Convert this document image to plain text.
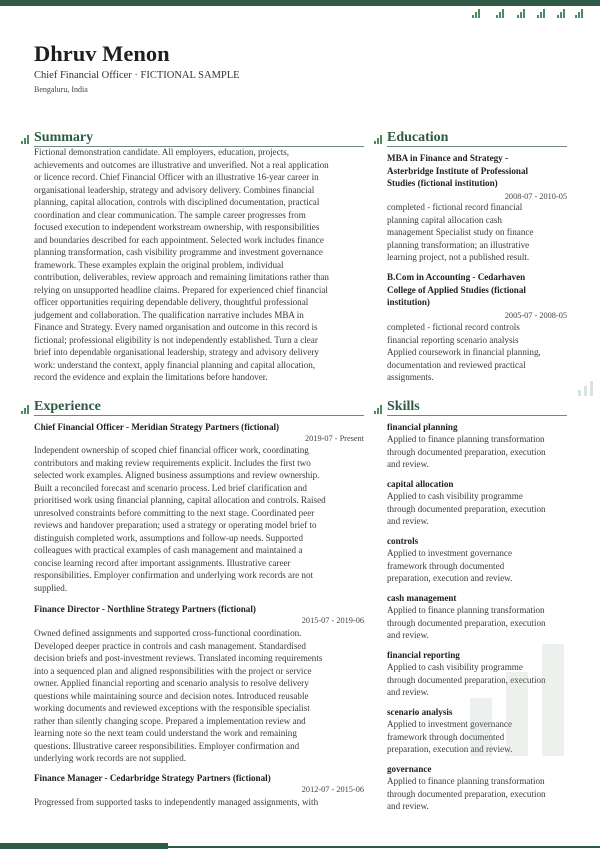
Dhruv Menon
Chief Financial Officer · FICTIONAL SAMPLE
Bengaluru, India
Summary
Fictional demonstration candidate. All employers, education, projects,
achievements and outcomes are illustrative and unverified. Not a real application
or licence record. Chief Financial Officer with an illustrative 16-year career in
organisational leadership, strategy and advisory delivery. Combines financial
planning, capital allocation, controls with disciplined documentation, practical
coordination and clear communication. The sample career progresses from
focused execution to independent workstream ownership, with responsibilities
and boundaries described for each appointment. Selected work includes finance
planning transformation, cash visibility programme and investment governance
framework. These examples explain the original problem, individual
contribution, deliverables, review approach and remaining limitations rather than
relying on unsupported headline claims. Prepared for experienced chief financial
officer opportunities requiring dependable delivery, thoughtful professional
judgement and collaboration. The qualification narrative includes MBA in
Finance and Strategy. Every named organisation and outcome in this record is
fictional; professional eligibility is not independently established. Turn a clear
brief into dependable organisational leadership, strategy and advisory delivery
work: understand the context, apply financial planning and capital allocation,
record the evidence and explain the limitations before handover.
Experience
Chief Financial Officer - Meridian Strategy Partners (fictional)
2019-07 - Present
Independent ownership of scoped chief financial officer work, coordinating
contributors and making review requirements explicit. Includes the first two
selected work examples. Aligned business assumptions and review ownership.
Built a reconciled forecast and scenario process. Led brief clarification and
prioritised work using financial planning, capital allocation and controls. Raised
unresolved constraints before committing to the next stage. Coordinated peer
reviews and handover preparation; used a strategy or operating model brief to
distinguish completed work, assumptions and follow-up needs. Supported
colleagues with practical examples of cash management and maintained a
concise learning record after important assignments. Illustrative career
responsibilities. Employer confirmation and underlying work records are not
supplied.
Finance Director - Northline Strategy Partners (fictional)
2015-07 - 2019-06
Owned defined assignments and supported cross-functional coordination.
Developed deeper practice in controls and cash management. Standardised
decision briefs and post-investment reviews. Translated incoming requirements
into a sequenced plan and aligned responsibilities with the project or service
owner. Applied financial reporting and scenario analysis to resolve delivery
questions while maintaining source and decision notes. Introduced reusable
working documents and reviewed exceptions with the responsible specialist
rather than silently changing scope. Prepared a implementation review and
learning note so the next team could understand the work and remaining
questions. Illustrative career responsibilities. Employer confirmation and
underlying work records are not supplied.
Finance Manager - Cedarbridge Strategy Partners (fictional)
2012-07 - 2015-06
Progressed from supported tasks to independently managed assignments, with
Education
MBA in Finance and Strategy -
Asterbridge Institute of Professional
Studies (fictional institution)
2008-07 - 2010-05
completed - fictional record financial
planning capital allocation cash
management Specialist study on finance
planning transformation; an illustrative
learning project, not a published result.
B.Com in Accounting - Cedarhaven
College of Applied Studies (fictional
institution)
2005-07 - 2008-05
completed - fictional record controls
financial reporting scenario analysis
Applied coursework in financial planning,
documentation and reviewed practical
assignments.
Skills
financial planning
Applied to finance planning transformation
through documented preparation, execution
and review.
capital allocation
Applied to cash visibility programme
through documented preparation, execution
and review.
controls
Applied to investment governance
framework through documented
preparation, execution and review.
cash management
Applied to finance planning transformation
through documented preparation, execution
and review.
financial reporting
Applied to cash visibility programme
through documented preparation, execution
and review.
scenario analysis
Applied to investment governance
framework through documented
preparation, execution and review.
governance
Applied to finance planning transformation
through documented preparation, execution
and review.
